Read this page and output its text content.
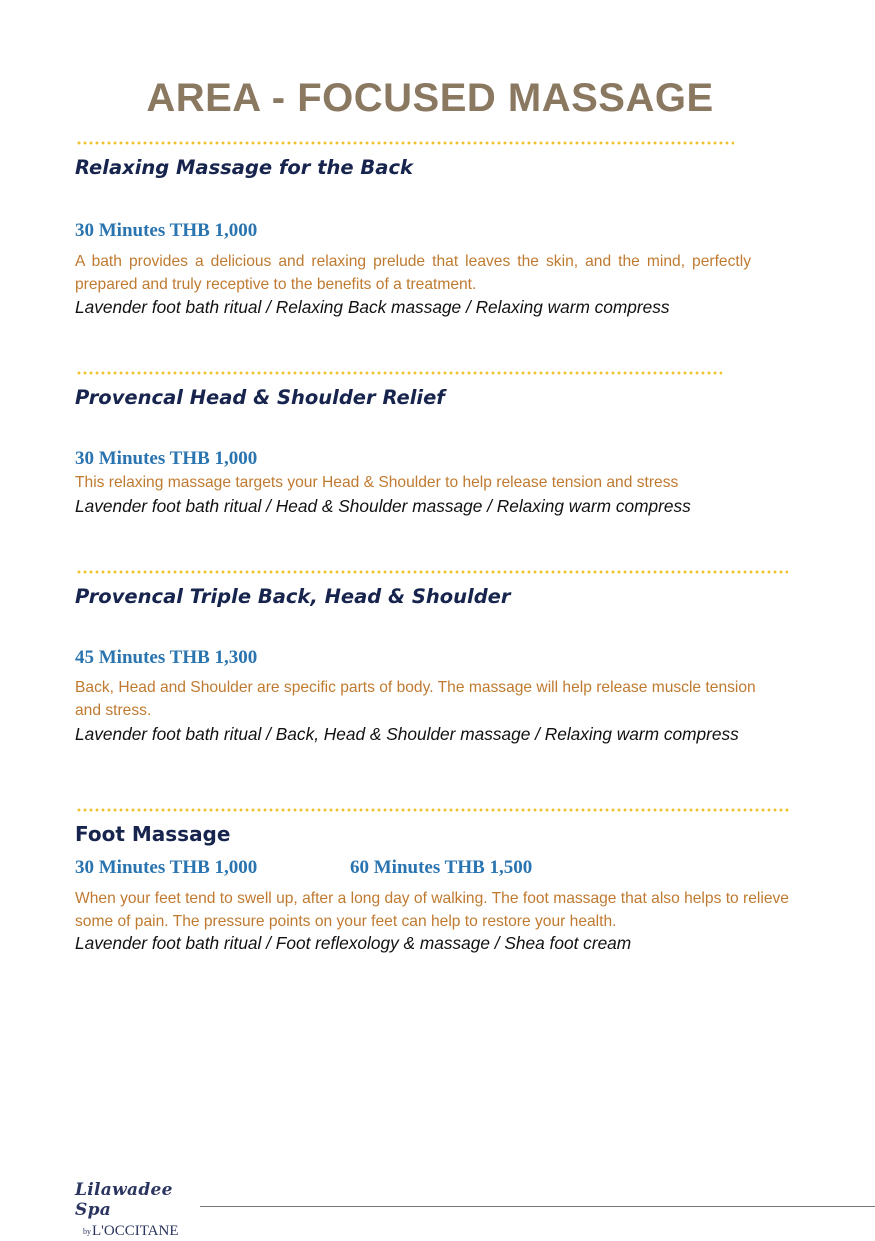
AREA - FOCUSED MASSAGE
Relaxing Massage for the Back

30 Minutes THB 1,000

A bath provides a delicious and relaxing prelude that leaves the skin, and the mind, perfectly prepared and truly receptive to the benefits of a treatment.

Lavender foot bath ritual / Relaxing Back massage / Relaxing warm compress

Provencal Head & Shoulder Relief

30 Minutes THB 1,000

This relaxing massage targets your Head & Shoulder to help release tension and stress

Lavender foot bath ritual / Head & Shoulder massage / Relaxing warm compress

Provencal Triple Back, Head & Shoulder

45 Minutes THB 1,300

Back, Head and Shoulder are specific parts of body. The massage will help release muscle tension and stress.

Lavender foot bath ritual / Back, Head & Shoulder massage / Relaxing warm compress

Foot Massage

30 Minutes THB 1,000	60 Minutes THB 1,500

When your feet tend to swell up, after a long day of walking. The foot massage that also helps to relieve some of pain. The pressure points on your feet can help to restore your health.

Lavender foot bath ritual / Foot reflexology & massage / Shea foot cream

Lilawadee Spa
byL'OCCITANE
